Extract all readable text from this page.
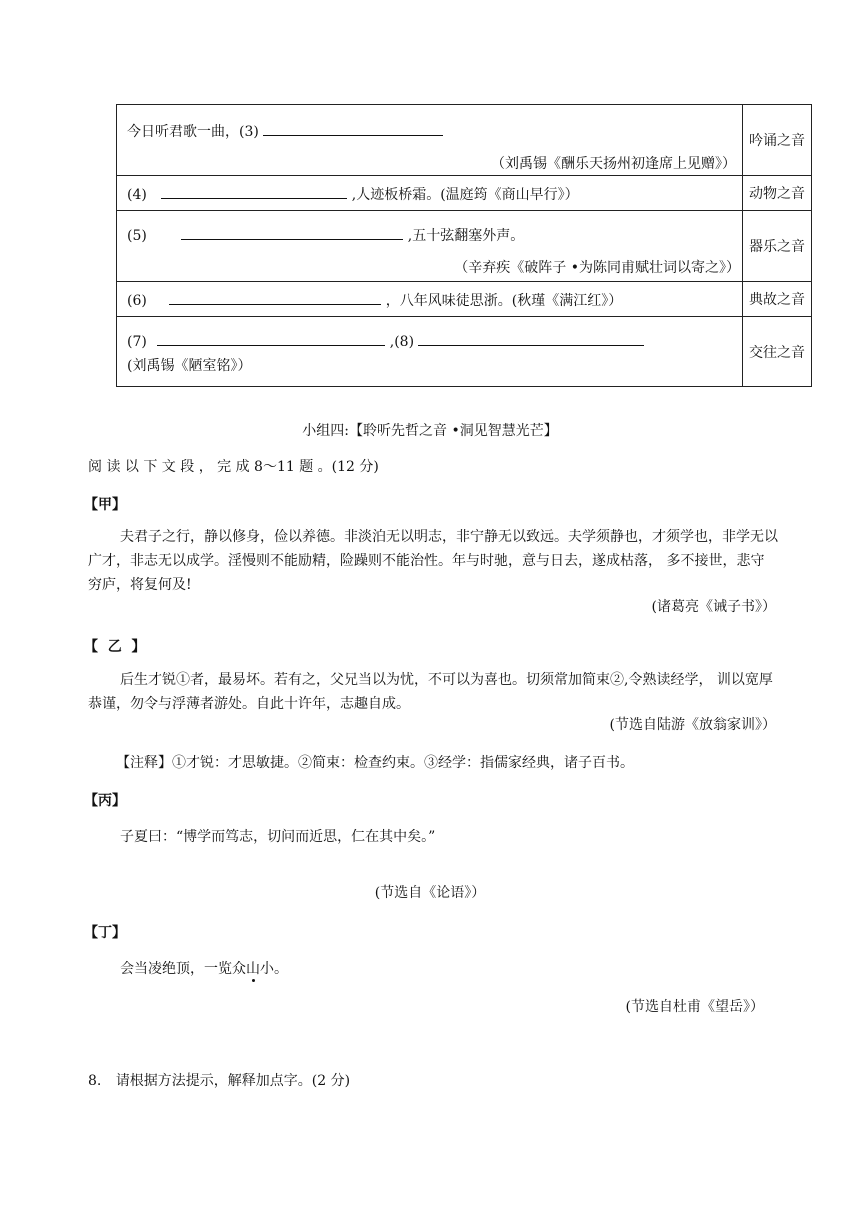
今日听君歌一曲，(3)
（刘禹锡《酬乐天扬州初逢席上见赠》）	吟诵之音

(4) ,人迹板桥霜。(温庭筠《商山早行》）	动物之音

(5) ,五十弦翻塞外声。
（辛弃疾《破阵子 •为陈同甫赋壮词以寄之》）	器乐之音

(6) ，八年风味徒思浙。(秋瑾《满江红》）	典故之音

(7) ,(8)
(刘禹锡《陋室铭》）	交往之音
小组四:【聆听先哲之音 •洞见智慧光芒】
阅 读 以 下 文 段 ， 完 成 8～11 题 。(12 分)
【甲】
夫君子之行，静以修身，俭以养德。非淡泊无以明志，非宁静无以致远。夫学须静也，才须学也，非学无以广才，非志无以成学。淫慢则不能励精，险躁则不能治性。年与时驰，意与日去，遂成枯落， 多不接世，悲守穷庐，将复何及!
(诸葛亮《诫子书》）
【  乙  】
后生才锐①者，最易坏。若有之，父兄当以为忧，不可以为喜也。切须常加简束②,令熟读经学， 训以宽厚恭谨，勿令与浮薄者游处。自此十许年，志趣自成。
(节选自陆游《放翁家训》）
【注释】①才锐：才思敏捷。②简束：检查约束。③经学：指儒家经典，诸子百书。
【丙】
子夏曰：“博学而笃志，切问而近思，仁在其中矣。”
(节选自《论语》）
【丁】
会当凌绝顶，一览众山小。
(节选自杜甫《望岳》）
8. 请根据方法提示，解释加点字。(2 分)
